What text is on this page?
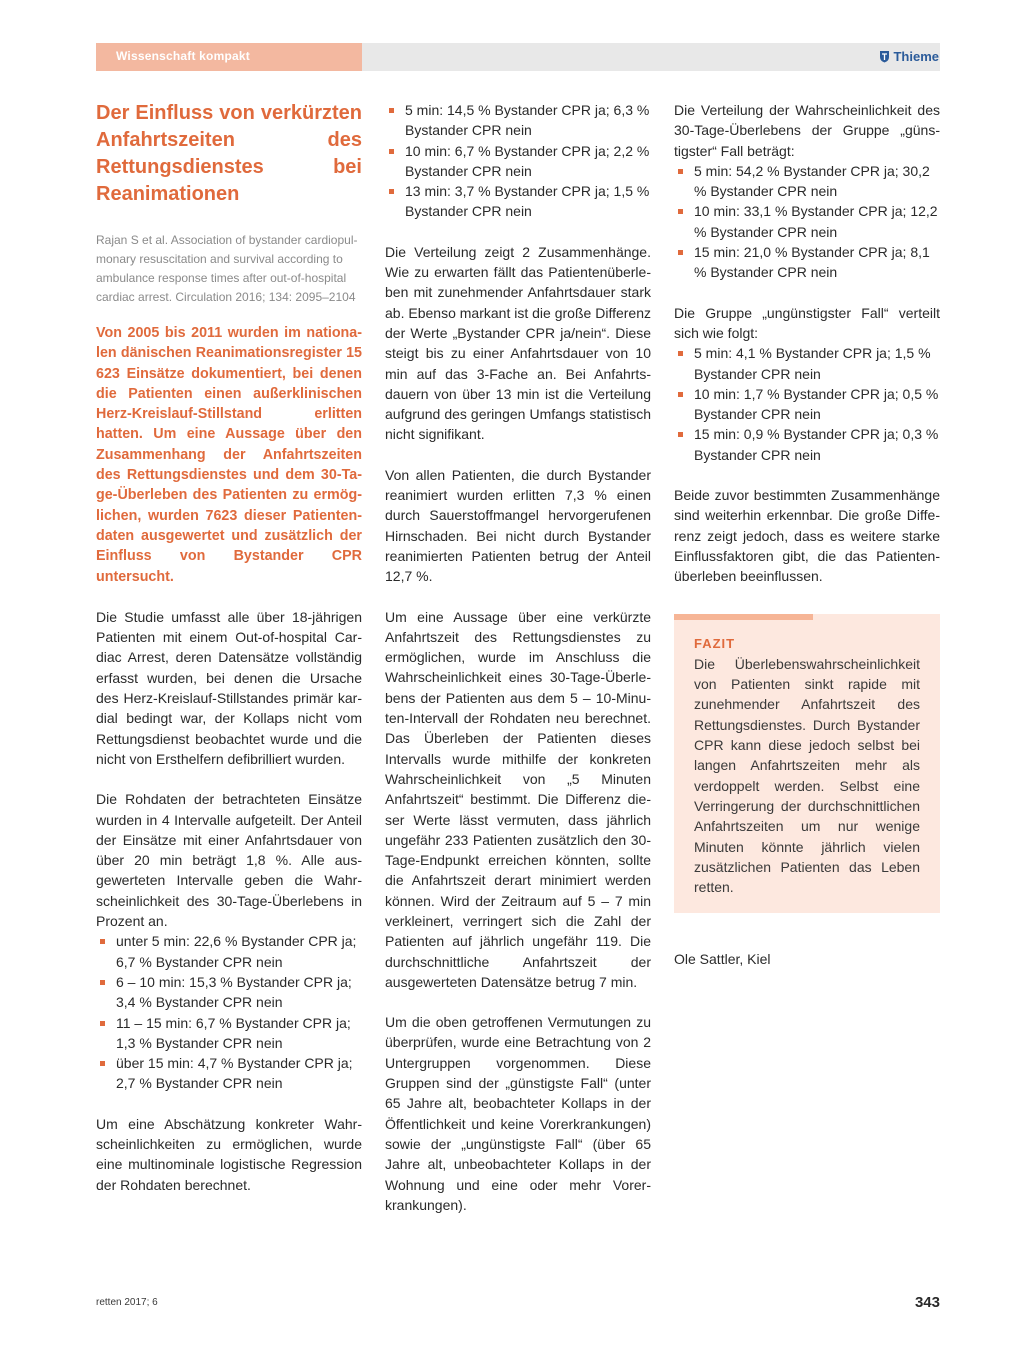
Wissenschaft kompakt	Thieme

Der Einfluss von verkürzten Anfahrtszeiten des Rettungsdienstes bei Reanimationen

Rajan S et al. Association of bystander cardiopulmonary resuscitation and survival according to ambulance response times after out-of-hospital cardiac arrest. Circulation 2016; 134: 2095–2104

Von 2005 bis 2011 wurden im nationalen dänischen Reanimationsregister 15 623 Einsätze dokumentiert, bei denen die Patienten einen außerklinischen Herz-Kreislauf-Stillstand erlitten hatten. Um eine Aussage über den Zusammenhang der Anfahrtszeiten des Rettungsdienstes und dem 30-Tage-Überleben des Patienten zu ermöglichen, wurden 7623 dieser Patientendaten ausgewertet und zusätzlich der Einfluss von Bystander CPR untersucht.

Die Studie umfasst alle über 18-jährigen Patienten mit einem Out-of-hospital Cardiac Arrest, deren Datensätze vollständig erfasst wurden, bei denen die Ursache des Herz-Kreislauf-Stillstandes primär kardial bedingt war, der Kollaps nicht vom Rettungsdienst beobachtet wurde und die nicht von Ersthelfern defibrilliert wurden.

Die Rohdaten der betrachteten Einsätze wurden in 4 Intervalle aufgeteilt. Der Anteil der Einsätze mit einer Anfahrtsdauer von über 20 min beträgt 1,8 %. Alle ausgewerteten Intervalle geben die Wahrscheinlichkeit des 30-Tage-Überlebens in Prozent an.

unter 5 min: 22,6 % Bystander CPR ja; 6,7 % Bystander CPR nein
6 – 10 min: 15,3 % Bystander CPR ja; 3,4 % Bystander CPR nein
11 – 15 min: 6,7 % Bystander CPR ja; 1,3 % Bystander CPR nein
über 15 min: 4,7 % Bystander CPR ja; 2,7 % Bystander CPR nein

Um eine Abschätzung konkreter Wahrscheinlichkeiten zu ermöglichen, wurde eine multinominale logistische Regression der Rohdaten berechnet.

5 min: 14,5 % Bystander CPR ja; 6,3 % Bystander CPR nein
10 min: 6,7 % Bystander CPR ja; 2,2 % Bystander CPR nein
13 min: 3,7 % Bystander CPR ja; 1,5 % Bystander CPR nein

Die Verteilung zeigt 2 Zusammenhänge. Wie zu erwarten fällt das Patientenüberleben mit zunehmender Anfahrtsdauer stark ab. Ebenso markant ist die große Differenz der Werte „Bystander CPR ja/nein“. Diese steigt bis zu einer Anfahrtsdauer von 10 min auf das 3-Fache an. Bei Anfahrtsdauern von über 13 min ist die Verteilung aufgrund des geringen Umfangs statistisch nicht signifikant.

Von allen Patienten, die durch Bystander reanimiert wurden erlitten 7,3 % einen durch Sauerstoffmangel hervorgerufenen Hirnschaden. Bei nicht durch Bystander reanimierten Patienten betrug der Anteil 12,7 %.

Um eine Aussage über eine verkürzte Anfahrtszeit des Rettungsdienstes zu ermöglichen, wurde im Anschluss die Wahrscheinlichkeit eines 30-Tage-Überlebens der Patienten aus dem 5 – 10-Minuten-Intervall der Rohdaten neu berechnet. Das Überleben der Patienten dieses Intervalls wurde mithilfe der konkreten Wahrscheinlichkeit von „5 Minuten Anfahrtszeit“ bestimmt. Die Differenz dieser Werte lässt vermuten, dass jährlich ungefähr 233 Patienten zusätzlich den 30-Tage-Endpunkt erreichen könnten, sollte die Anfahrtszeit derart minimiert werden können. Wird der Zeitraum auf 5 – 7 min verkleinert, verringert sich die Zahl der Patienten auf jährlich ungefähr 119. Die durchschnittliche Anfahrtszeit der ausgewerteten Datensätze betrug 7 min.

Um die oben getroffenen Vermutungen zu überprüfen, wurde eine Betrachtung von 2 Untergruppen vorgenommen. Diese Gruppen sind der „günstigste Fall“ (unter 65 Jahre alt, beobachteter Kollaps in der Öffentlichkeit und keine Vorerkrankungen) sowie der „ungünstigste Fall“ (über 65 Jahre alt, unbeobachteter Kollaps in der Wohnung und eine oder mehr Vorerkrankungen).

Die Verteilung der Wahrscheinlichkeit des 30-Tage-Überlebens der Gruppe „günstigster“ Fall beträgt:

5 min: 54,2 % Bystander CPR ja; 30,2 % Bystander CPR nein
10 min: 33,1 % Bystander CPR ja; 12,2 % Bystander CPR nein
15 min: 21,0 % Bystander CPR ja; 8,1 % Bystander CPR nein

Die Gruppe „ungünstigster Fall“ verteilt sich wie folgt:

5 min: 4,1 % Bystander CPR ja; 1,5 % Bystander CPR nein
10 min: 1,7 % Bystander CPR ja; 0,5 % Bystander CPR nein
15 min: 0,9 % Bystander CPR ja; 0,3 % Bystander CPR nein

Beide zuvor bestimmten Zusammenhänge sind weiterhin erkennbar. Die große Differenz zeigt jedoch, dass es weitere starke Einflussfaktoren gibt, die das Patientenüberleben beeinflussen.

FAZIT

Die Überlebenswahrscheinlichkeit von Patienten sinkt rapide mit zunehmender Anfahrtszeit des Rettungsdienstes. Durch Bystander CPR kann diese jedoch selbst bei langen Anfahrtszeiten mehr als verdoppelt werden. Selbst eine Verringerung der durchschnittlichen Anfahrtszeiten um nur wenige Minuten könnte jährlich vielen zusätzlichen Patienten das Leben retten.

Ole Sattler, Kiel

retten 2017; 6	343
